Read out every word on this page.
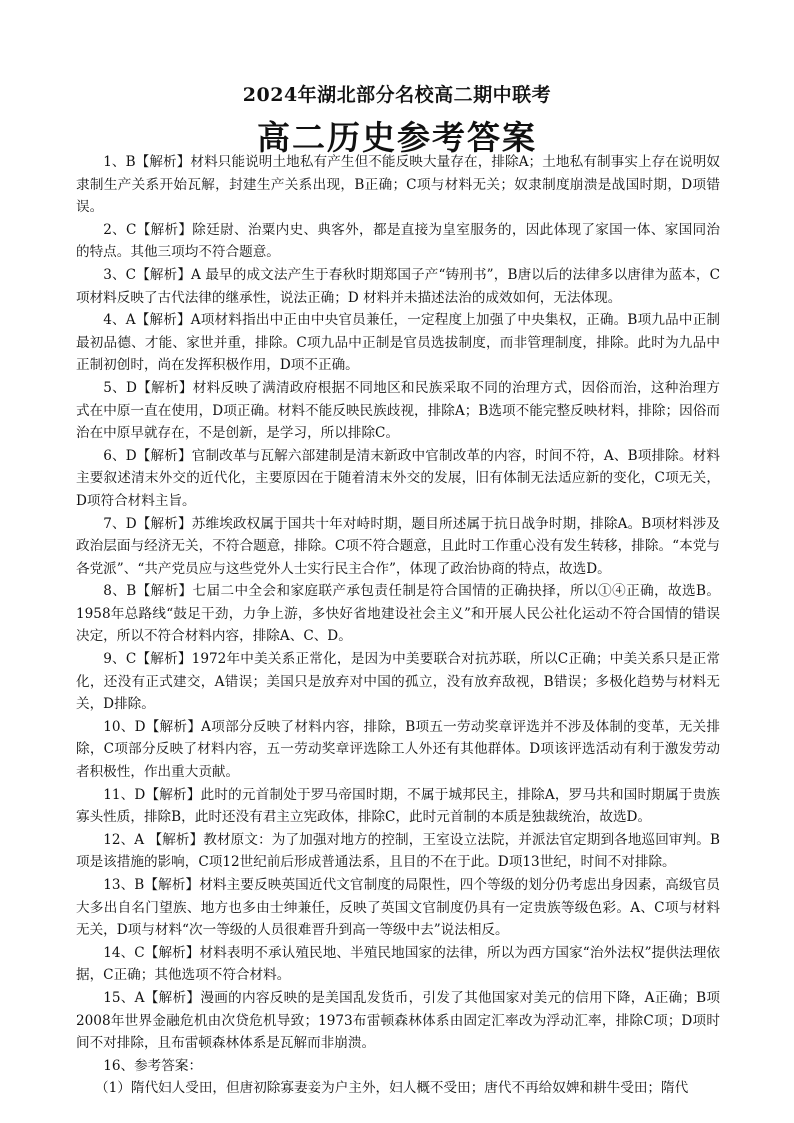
2024年湖北部分名校高二期中联考
高二历史参考答案

1、B【解析】材料只能说明土地私有产生但不能反映大量存在，排除A；土地私有制事实上存在说明奴隶制生产关系开始瓦解，封建生产关系出现，B正确；C项与材料无关；奴隶制度崩溃是战国时期，D项错误。

2、C【解析】除廷尉、治粟内史、典客外，都是直接为皇室服务的，因此体现了家国一体、家国同治的特点。其他三项均不符合题意。

3、C【解析】A 最早的成文法产生于春秋时期郑国子产“铸刑书”，B唐以后的法律多以唐律为蓝本，C项材料反映了古代法律的继承性，说法正确；D 材料并未描述法治的成效如何，无法体现。

4、A【解析】A项材料指出中正由中央官员兼任，一定程度上加强了中央集权，正确。B项九品中正制最初品德、才能、家世并重，排除。C项九品中正制是官员选拔制度，而非管理制度，排除。此时为九品中正制初创时，尚在发挥积极作用，D项不正确。

5、D【解析】材料反映了满清政府根据不同地区和民族采取不同的治理方式，因俗而治，这种治理方式在中原一直在使用，D项正确。材料不能反映民族歧视，排除A；B选项不能完整反映材料，排除；因俗而治在中原早就存在，不是创新，是学习，所以排除C。

6、D【解析】官制改革与瓦解六部建制是清末新政中官制改革的内容，时间不符，A、B项排除。材料主要叙述清末外交的近代化，主要原因在于随着清末外交的发展，旧有体制无法适应新的变化，C项无关，D项符合材料主旨。

7、D【解析】苏维埃政权属于国共十年对峙时期，题目所述属于抗日战争时期，排除A。B项材料涉及政治层面与经济无关，不符合题意，排除。C项不符合题意，且此时工作重心没有发生转移，排除。“本党与各党派”、“共产党员应与这些党外人士实行民主合作”，体现了政治协商的特点，故选D。

8、B【解析】七届二中全会和家庭联产承包责任制是符合国情的正确抉择，所以①④正确，故选B。1958年总路线“鼓足干劲，力争上游，多快好省地建设社会主义”和开展人民公社化运动不符合国情的错误决定，所以不符合材料内容，排除A、C、D。

9、C【解析】1972年中美关系正常化，是因为中美要联合对抗苏联，所以C正确；中美关系只是正常化，还没有正式建交，A错误；美国只是放弃对中国的孤立，没有放弃敌视，B错误；多极化趋势与材料无关，D排除。

10、D【解析】A项部分反映了材料内容，排除，B项五一劳动奖章评选并不涉及体制的变革，无关排除，C项部分反映了材料内容，五一劳动奖章评选除工人外还有其他群体。D项该评选活动有利于激发劳动者积极性，作出重大贡献。

11、D【解析】此时的元首制处于罗马帝国时期，不属于城邦民主，排除A，罗马共和国时期属于贵族寡头性质，排除B，此时还没有君主立宪政体，排除C，此时元首制的本质是独裁统治，故选D。

12、A 【解析】教材原文：为了加强对地方的控制，王室设立法院，并派法官定期到各地巡回审判。B项是该措施的影响，C项12世纪前后形成普通法系，且目的不在于此。D项13世纪，时间不对排除。

13、B【解析】材料主要反映英国近代文官制度的局限性，四个等级的划分仍考虑出身因素，高级官员大多出自名门望族、地方也多由士绅兼任，反映了英国文官制度仍具有一定贵族等级色彩。A、C项与材料无关，D项与材料“次一等级的人员很难晋升到高一等级中去”说法相反。

14、C【解析】材料表明不承认殖民地、半殖民地国家的法律，所以为西方国家“治外法权”提供法理依据，C正确；其他选项不符合材料。

15、A【解析】漫画的内容反映的是美国乱发货币，引发了其他国家对美元的信用下降，A正确；B项2008年世界金融危机由次贷危机导致；1973布雷顿森林体系由固定汇率改为浮动汇率，排除C项；D项时间不对排除，且布雷顿森林体系是瓦解而非崩溃。

16、参考答案：

（1）隋代妇人受田，但唐初除寡妻妾为户主外，妇人概不受田；唐代不再给奴婢和耕牛受田；隋代
